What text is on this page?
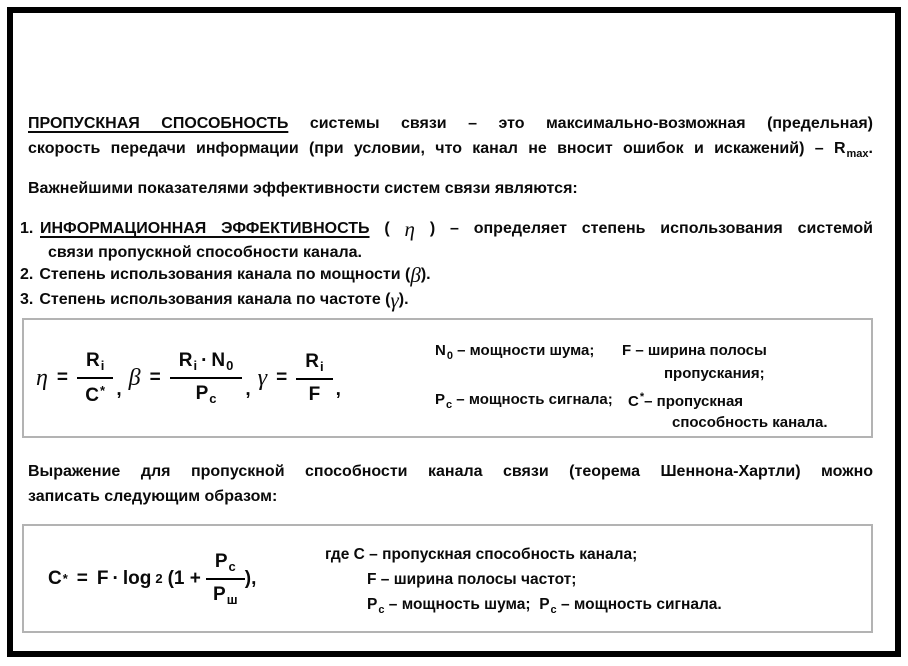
ПРОПУСКНАЯ СПОСОБНОСТЬ системы связи – это максимально-возможная (предельная)
скорость передачи информации (при условии, что канал не вносит ошибок и искажений) – $R_{max}$.
Важнейшими показателями эффективности систем связи являются:
1. ИНФОРМАЦИОННАЯ ЭФФЕКТИВНОСТЬ ( η ) – определяет степень использования системой
связи пропускной способности канала.
2. Степень использования канала по мощности (β).
3. Степень использования канала по частоте (γ).
$\eta = \frac{R_i}{C^*}$ , $\beta = \frac{R_i \cdot N_0}{P_c}$ , $\gamma = \frac{R_i}{F}$ ,
$N_0$ – мощности шума; F – ширина полосы
пропускания;
$P_c$ – мощность сигнала; C*– пропускная
способность канала.
Выражение для пропускной способности канала связи (теорема Шеннона-Хартли) можно
записать следующим образом:
C * = F · log 2 ($1 + \frac{P_c}{P_ш}$ ),
где C – пропускная способность канала;
F – ширина полосы частот;
$P_c$ – мощность шума;  $P_c$ – мощность сигнала.
